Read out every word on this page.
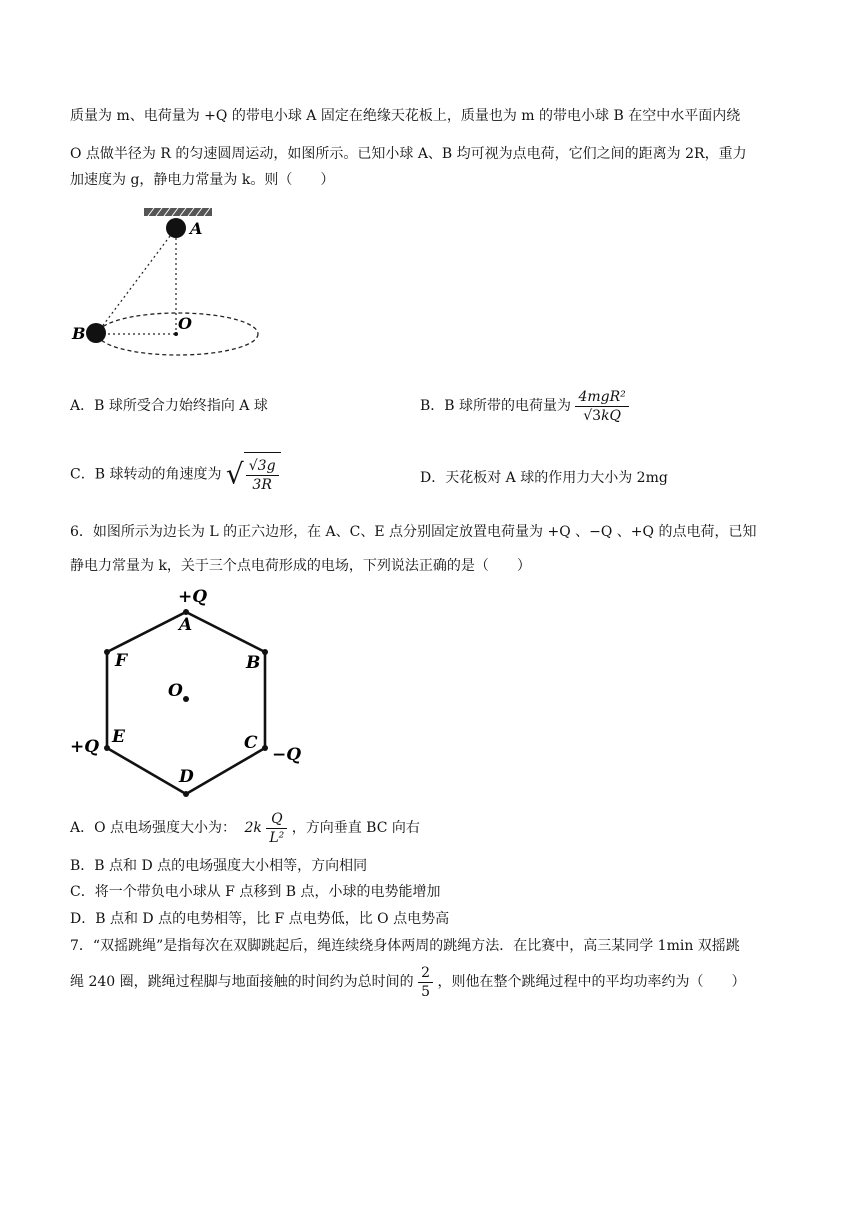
质量为 m、电荷量为 +Q 的带电小球 A 固定在绝缘天花板上，质量也为 m 的带电小球 B 在空中水平面内绕
O 点做半径为 R 的匀速圆周运动，如图所示。已知小球 A、B 均可视为点电荷，它们之间的距离为 2R，重力
加速度为 g，静电力常量为 k。则（　　）
A
B
O
A．B 球所受合力始终指向 A 球	B．B 球所带的电荷量为 $\frac{\text{4mgR²}}{√3kQ}$
C．B 球转动的角速度为 √ $\frac{√3g}{3R}$	D．天花板对 A 球的作用力大小为 2mg
6．如图所示为边长为 L 的正六边形，在 A、C、E 点分别固定放置电荷量为 +Q 、−Q 、+Q 的点电荷，已知
静电力常量为 k，关于三个点电荷形成的电场，下列说法正确的是（　　）
+Q
A
B
C
−Q
D
E
+Q
F
O
A．O 点电场强度大小为： $2k \frac{Q}{\text{L²}}$ ，方向垂直 BC 向右
B．B 点和 D 点的电场强度大小相等，方向相同
C．将一个带负电小球从 F 点移到 B 点，小球的电势能增加
D．B 点和 D 点的电势相等，比 F 点电势低，比 O 点电势高
7．“双摇跳绳”是指每次在双脚跳起后，绳连续绕身体两周的跳绳方法．在比赛中，高三某同学 1min 双摇跳
绳 240 圈，跳绳过程脚与地面接触的时间约为总时间的 $\frac{2}{5}$ ，则他在整个跳绳过程中的平均功率约为（　　）
